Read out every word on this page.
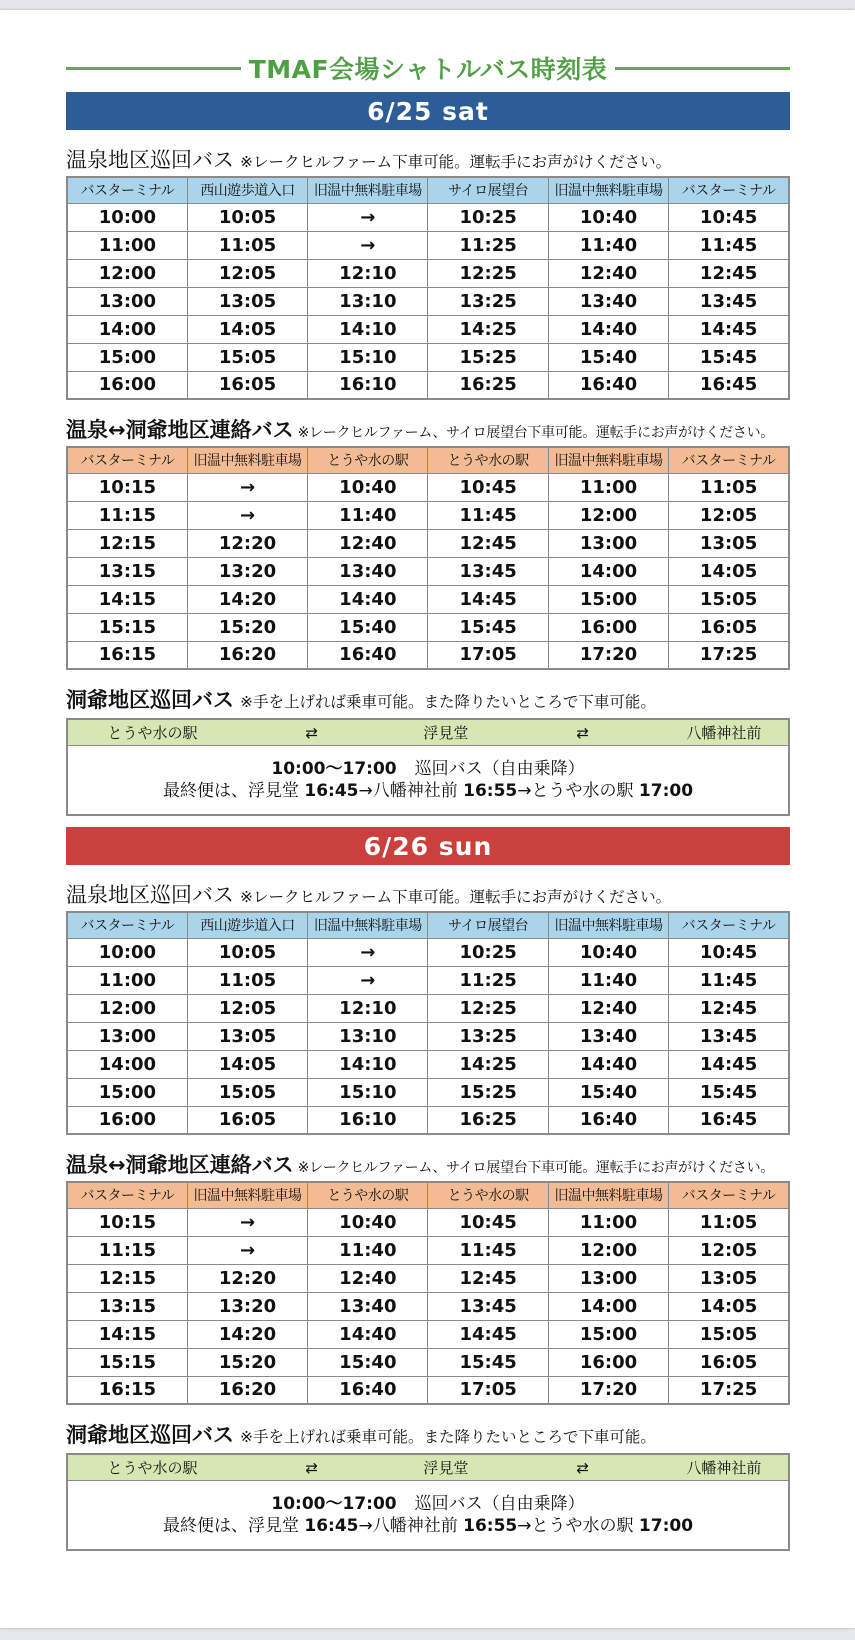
TMAF会場シャトルバス時刻表
6/25 sat
温泉地区巡回バス ※レークヒルファーム下車可能。運転手にお声がけください。
バスターミナル	西山遊歩道入口	旧温中無料駐車場	サイロ展望台	旧温中無料駐車場	バスターミナル
10:00	10:05	→	10:25	10:40	10:45
11:00	11:05	→	11:25	11:40	11:45
12:00	12:05	12:10	12:25	12:40	12:45
13:00	13:05	13:10	13:25	13:40	13:45
14:00	14:05	14:10	14:25	14:40	14:45
15:00	15:05	15:10	15:25	15:40	15:45
16:00	16:05	16:10	16:25	16:40	16:45
温泉↔洞爺地区連絡バス ※レークヒルファーム、サイロ展望台下車可能。運転手にお声がけください。
バスターミナル	旧温中無料駐車場	とうや水の駅	とうや水の駅	旧温中無料駐車場	バスターミナル
10:15	→	10:40	10:45	11:00	11:05
11:15	→	11:40	11:45	12:00	12:05
12:15	12:20	12:40	12:45	13:00	13:05
13:15	13:20	13:40	13:45	14:00	14:05
14:15	14:20	14:40	14:45	15:00	15:05
15:15	15:20	15:40	15:45	16:00	16:05
16:15	16:20	16:40	17:05	17:20	17:25
洞爺地区巡回バス ※手を上げれば乗車可能。また降りたいところで下車可能。
とうや水の駅	⇄	浮見堂	⇄	八幡神社前
10:00～17:00 巡回バス（自由乗降）
最終便は、浮見堂 16:45→八幡神社前 16:55→とうや水の駅 17:00
6/26 sun
温泉地区巡回バス ※レークヒルファーム下車可能。運転手にお声がけください。
バスターミナル	西山遊歩道入口	旧温中無料駐車場	サイロ展望台	旧温中無料駐車場	バスターミナル
10:00	10:05	→	10:25	10:40	10:45
11:00	11:05	→	11:25	11:40	11:45
12:00	12:05	12:10	12:25	12:40	12:45
13:00	13:05	13:10	13:25	13:40	13:45
14:00	14:05	14:10	14:25	14:40	14:45
15:00	15:05	15:10	15:25	15:40	15:45
16:00	16:05	16:10	16:25	16:40	16:45
温泉↔洞爺地区連絡バス ※レークヒルファーム、サイロ展望台下車可能。運転手にお声がけください。
バスターミナル	旧温中無料駐車場	とうや水の駅	とうや水の駅	旧温中無料駐車場	バスターミナル
10:15	→	10:40	10:45	11:00	11:05
11:15	→	11:40	11:45	12:00	12:05
12:15	12:20	12:40	12:45	13:00	13:05
13:15	13:20	13:40	13:45	14:00	14:05
14:15	14:20	14:40	14:45	15:00	15:05
15:15	15:20	15:40	15:45	16:00	16:05
16:15	16:20	16:40	17:05	17:20	17:25
洞爺地区巡回バス ※手を上げれば乗車可能。また降りたいところで下車可能。
とうや水の駅	⇄	浮見堂	⇄	八幡神社前
10:00～17:00 巡回バス（自由乗降）
最終便は、浮見堂 16:45→八幡神社前 16:55→とうや水の駅 17:00
